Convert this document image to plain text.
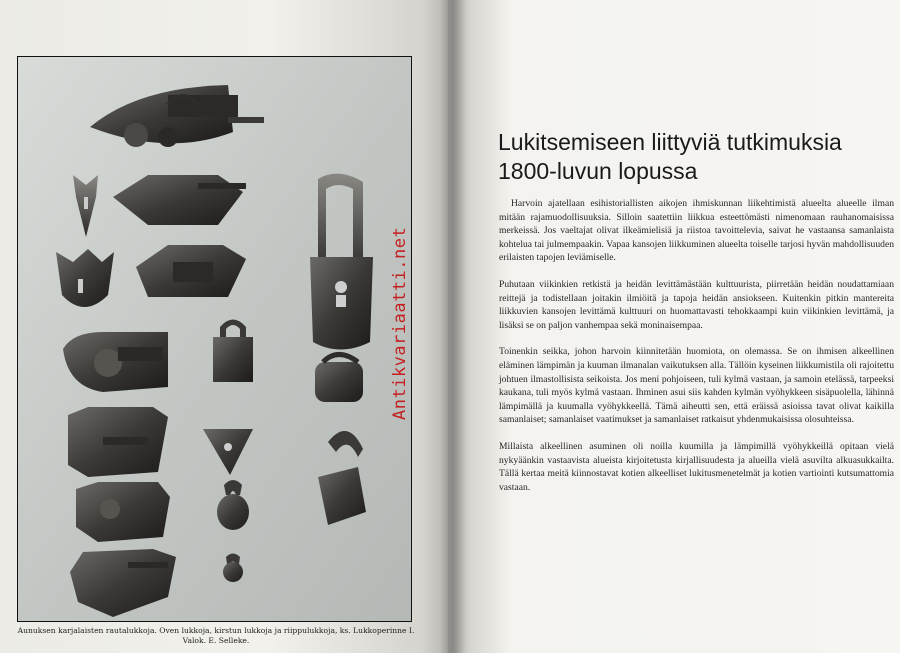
Aunuksen karjalaisten rautalukkoja. Oven lukkoja, kirstun lukkoja ja riippulukkoja, ks. Lukkoperinne I. Valok. E. Selleke.
Antikvariaatti.net
Lukitsemiseen liittyviä tutkimuksia 1800-luvun lopussa

Harvoin ajatellaan esihistoriallisten aikojen ihmiskunnan liikehtimistä alueelta alueelle ilman mitään rajamuodollisuuksia. Silloin saatettiin liikkua esteettömästi nimenomaan rauhanomaisissa merkeissä. Jos vaeltajat olivat ilkeämielisiä ja riistoa tavoittelevia, saivat he vastaansa samanlaista kohtelua tai julmempaakin. Vapaa kansojen liikkuminen alueelta toiselle tarjosi hyvän mahdollisuuden erilaisten tapojen leviämiselle.

Puhutaan viikinkien retkistä ja heidän levittämästään kulttuurista, piirretään heidän noudattamiaan reittejä ja todistellaan joitakin ilmiöitä ja tapoja heidän ansiokseen. Kuitenkin pitkin mantereita liikkuvien kansojen levittämä kulttuuri on huomattavasti tehokkaampi kuin viikinkien levittämä, ja lisäksi se on paljon vanhempaa sekä moninaisempaa.

Toinenkin seikka, johon harvoin kiinnitetään huomiota, on olemassa. Se on ihmisen alkeellinen eläminen lämpimän ja kuuman ilmanalan vaikutuksen alla. Tällöin kyseinen liikkumistila oli rajoitettu johtuen ilmastollisista seikoista. Jos meni pohjoiseen, tuli kylmä vastaan, ja samoin etelässä, tarpeeksi kaukana, tuli myös kylmä vastaan. Ihminen asui siis kahden kylmän vyöhykkeen sisäpuolella, lähinnä lämpimällä ja kuumalla vyöhykkeellä. Tämä aiheutti sen, että eräissä asioissa tavat olivat kaikilla samanlaiset; samanlaiset vaatimukset ja samanlaiset ratkaisut yhdenmukaisissa olosuhteissa.

Millaista alkeellinen asuminen oli noilla kuumilla ja lämpimillä vyöhykkeillä opitaan vielä nykyäänkin vastaavista alueista kirjoitetusta kirjallisuudesta ja alueilla vielä asuvilta alkuasukkailta. Tällä kertaa meitä kiinnostavat kotien alkeelliset lukitusmenetelmät ja kotien vartiointi kutsumattomia vastaan.
